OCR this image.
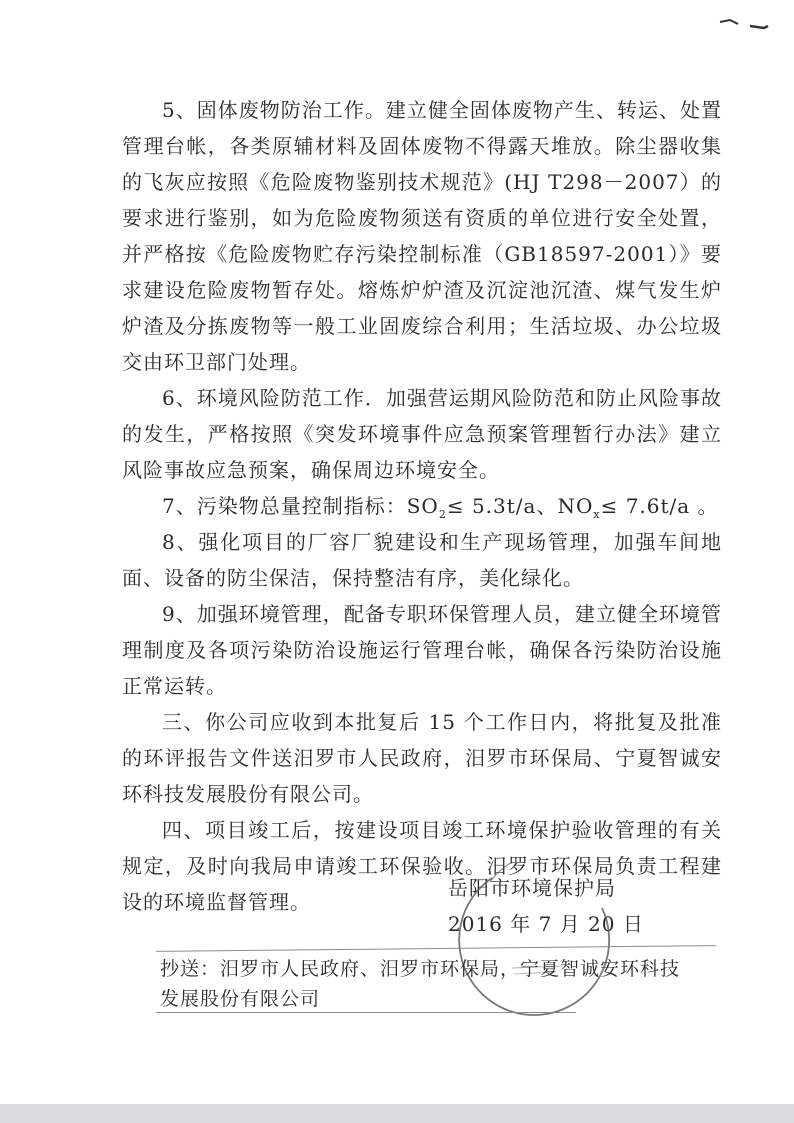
5、固体废物防治工作。建立健全固体废物产生、转运、处置管理台帐，各类原辅材料及固体废物不得露天堆放。除尘器收集的飞灰应按照《危险废物鉴别技术规范》(HJ T298－2007）的要求进行鉴别，如为危险废物须送有资质的单位进行安全处置，并严格按《危险废物贮存污染控制标准（GB18597-2001）》要求建设危险废物暂存处。熔炼炉炉渣及沉淀池沉渣、煤气发生炉炉渣及分拣废物等一般工业固废综合利用；生活垃圾、办公垃圾交由环卫部门处理。

6、环境风险防范工作．加强营运期风险防范和防止风险事故的发生，严格按照《突发环境事件应急预案管理暂行办法》建立风险事故应急预案，确保周边环境安全。

7、污染物总量控制指标：$SO_2\le 5.3t/a$、$NO_x\le 7.6t/a$ 。

8、强化项目的厂容厂貌建设和生产现场管理，加强车间地面、设备的防尘保洁，保持整洁有序，美化绿化。

9、加强环境管理，配备专职环保管理人员，建立健全环境管理制度及各项污染防治设施运行管理台帐，确保各污染防治设施正常运转。

三、你公司应收到本批复后 15 个工作日内，将批复及批准的环评报告文件送汨罗市人民政府，汨罗市环保局、宁夏智诚安环科技发展股份有限公司。

四、项目竣工后，按建设项目竣工环境保护验收管理的有关规定，及时向我局申请竣工环保验收。汨罗市环保局负责工程建设的环境监督管理。

岳阳市环境保护局
2016 年 7 月 20 日

抄送：汨罗市人民政府、汨罗市环保局，宁夏智诚安环科技

发展股份有限公司
